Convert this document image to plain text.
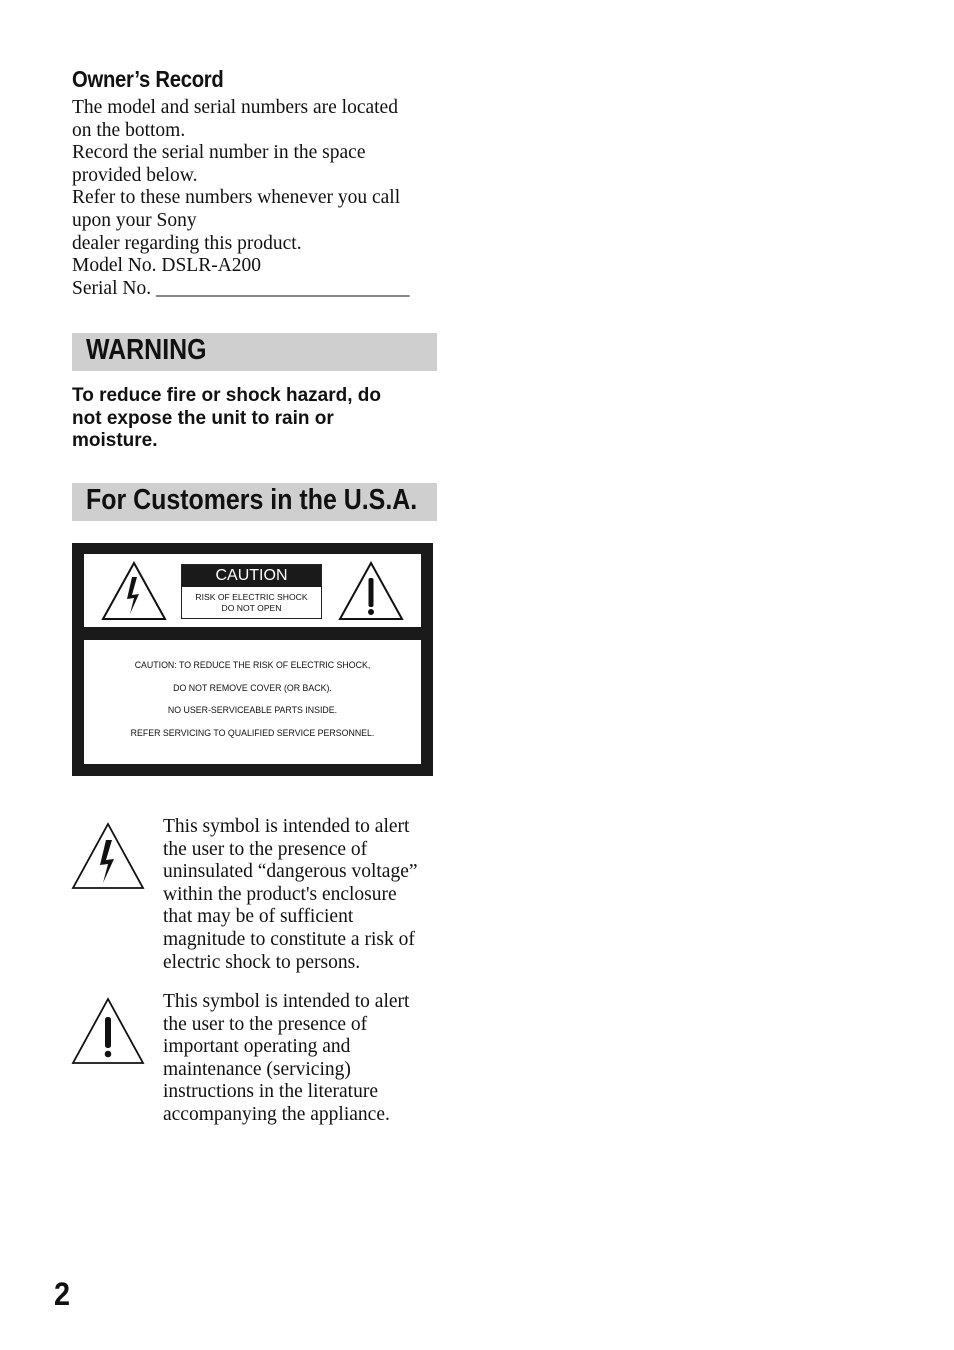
Owner’s Record
The model and serial numbers are located
on the bottom.
Record the serial number in the space
provided below.
Refer to these numbers whenever you call
upon your Sony
dealer regarding this product.
Model No. DSLR-A200
Serial No. __________________________
WARNING
To reduce fire or shock hazard, do
not expose the unit to rain or
moisture.
For Customers in the U.S.A.
CAUTION
RISK OF ELECTRIC SHOCK
DO NOT OPEN
CAUTION: TO REDUCE THE RISK OF ELECTRIC SHOCK,
DO NOT REMOVE COVER (OR BACK).
NO USER-SERVICEABLE PARTS INSIDE.
REFER SERVICING TO QUALIFIED SERVICE PERSONNEL.
This symbol is intended to alert
the user to the presence of
uninsulated “dangerous voltage”
within the product's enclosure
that may be of sufficient
magnitude to constitute a risk of
electric shock to persons.
This symbol is intended to alert
the user to the presence of
important operating and
maintenance (servicing)
instructions in the literature
accompanying the appliance.
2
